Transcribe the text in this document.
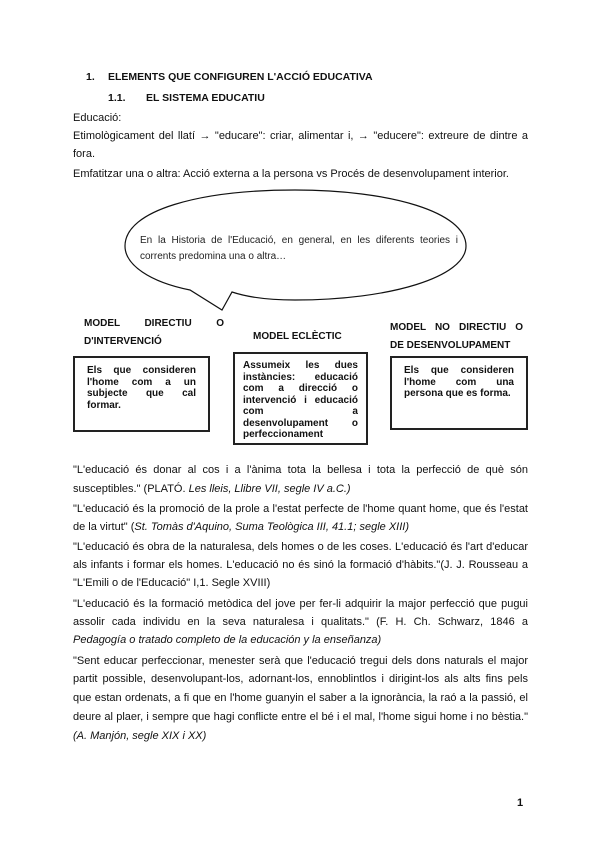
1. ELEMENTS QUE CONFIGUREN L'ACCIÓ EDUCATIVA
1.1. EL SISTEMA EDUCATIU
Educació:
Etimològicament del llatí → "educare": criar, alimentar i, → "educere": extreure de dintre a
fora.
Emfatitzar una o altra: Acció externa a la persona vs Procés de desenvolupament interior.
En la Historia de l'Educació, en general, en les diferents teories i
corrents predomina una o altra…
MODEL DIRECTIU O
D'INTERVENCIÓ	MODEL ECLÈCTIC
MODEL NO DIRECTIU O
DE DESENVOLUPAMENT
Els que consideren l'home com a un subjecte que cal formar.
Assumeix les dues instàncies: educació com a direcció o intervenció i educació com a desenvolupament o perfeccionament
Els que consideren l'home com una persona que es forma.
"L'educació és donar al cos i a l'ànima tota la bellesa i tota la perfecció de què són
susceptibles." (PLATÓ. Les lleis, Llibre VII, segle IV a.C.)
"L'educació és la promoció de la prole a l'estat perfecte de l'home quant home, que és l'estat
de la virtut" (St. Tomàs d'Aquino, Suma Teològica III, 41.1; segle XIII)
"L'educació és obra de la naturalesa, dels homes o de les coses. L'educació és l'art d'educar
als infants i formar els homes. L'educació no és sinó la formació d'hàbits."(J. J. Rousseau a
"L'Emili o de l'Educació" I,1. Segle XVIII)
"L'educació és la formació metòdica del jove per fer-li adquirir la major perfecció que pugui
assolir cada individu en la seva naturalesa i qualitats." (F. H. Ch. Schwarz, 1846 a
Pedagogía o tratado completo de la educación y la enseñanza)
"Sent educar perfeccionar, menester serà que l'educació tregui dels dons naturals el major
partit possible, desenvolupant-los, adornant-los, ennoblintlos i dirigint-los als alts fins pels
que estan ordenats, a fi que en l'home guanyin el saber a la ignorància, la raó a la passió, el
deure al plaer, i sempre que hagi conflicte entre el bé i el mal, l'home sigui home i no bèstia."
(A. Manjón, segle XIX i XX)
1
